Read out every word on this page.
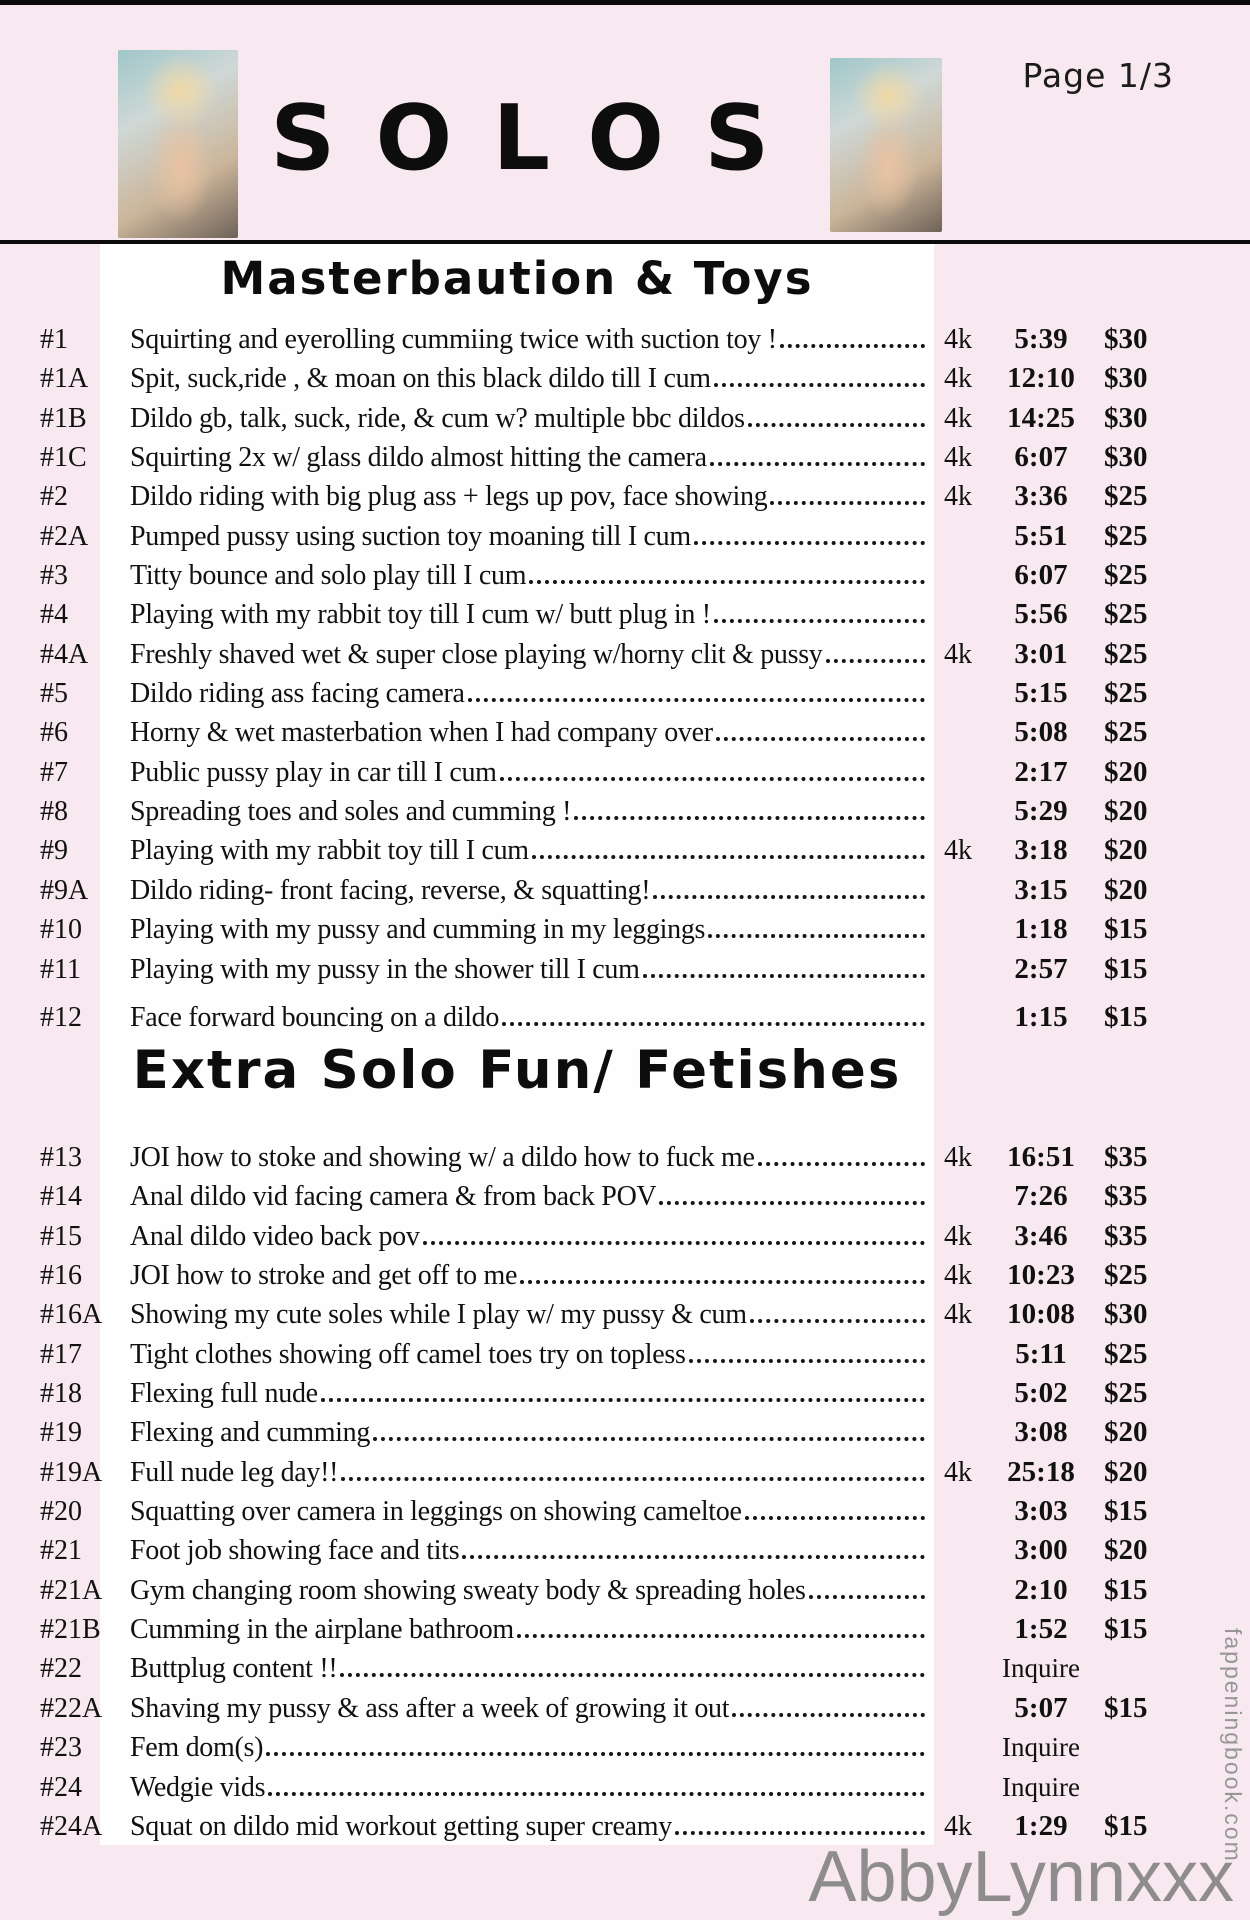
Page 1/3
SOLOS
Masterbaution & Toys
#1	Squirting and eyerolling cummiing twice with suction toy !	4k	5:39	$30
#1A	Spit, suck,ride , & moan on this black dildo till I cum	4k	12:10	$30
#1B	Dildo gb, talk, suck, ride, & cum w? multiple bbc dildos	4k	14:25	$30
#1C	Squirting 2x w/ glass dildo almost hitting the camera	4k	6:07	$30
#2	Dildo riding with big plug ass + legs up pov, face showing	4k	3:36	$25
#2A	Pumped pussy using suction toy moaning till I cum	5:51	$25
#3	Titty bounce and solo play till I cum	6:07	$25
#4	Playing with my rabbit toy till I cum w/ butt plug in !	5:56	$25
#4A	Freshly shaved wet & super close playing w/horny clit & pussy	4k	3:01	$25
#5	Dildo riding ass facing camera	5:15	$25
#6	Horny & wet masterbation when I had company over	5:08	$25
#7	Public pussy play in car till I cum	2:17	$20
#8	Spreading toes and soles and cumming !	5:29	$20
#9	Playing with my rabbit toy till I cum	4k	3:18	$20
#9A	Dildo riding- front facing, reverse, & squatting!	3:15	$20
#10	Playing with my pussy and cumming in my leggings	1:18	$15
#11	Playing with my pussy in the shower till I cum	2:57	$15
#12	Face forward bouncing on a dildo	1:15	$15
Extra Solo Fun/ Fetishes
#13	JOI how to stoke and showing w/ a dildo how to fuck me	4k	16:51	$35
#14	Anal dildo vid facing camera & from back POV	7:26	$35
#15	Anal dildo video back pov	4k	3:46	$35
#16	JOI how to stroke and get off to me	4k	10:23	$25
#16A Showing my cute soles while I play w/ my pussy & cum	4k	10:08	$30
#17	Tight clothes showing off camel toes try on topless	5:11	$25
#18	Flexing full nude	5:02	$25
#19	Flexing and cumming	3:08	$20
#19A Full nude leg day!!	4k	25:18	$20
#20	Squatting over camera in leggings on showing cameltoe	3:03	$15
#21	Foot job showing face and tits	3:00	$20
#21A Gym changing room showing sweaty body & spreading holes	2:10	$15
#21B	Cumming in the airplane bathroom	1:52	$15
#22	Buttplug content !!	Inquire
#22A Shaving my pussy & ass after a week of growing it out	5:07	$15
#23	Fem dom(s)	Inquire
#24	Wedgie vids	Inquire
#24A Squat on dildo mid workout getting super creamy	4k	1:29	$15
AbbyLynnxxx
fappeningbook.com
